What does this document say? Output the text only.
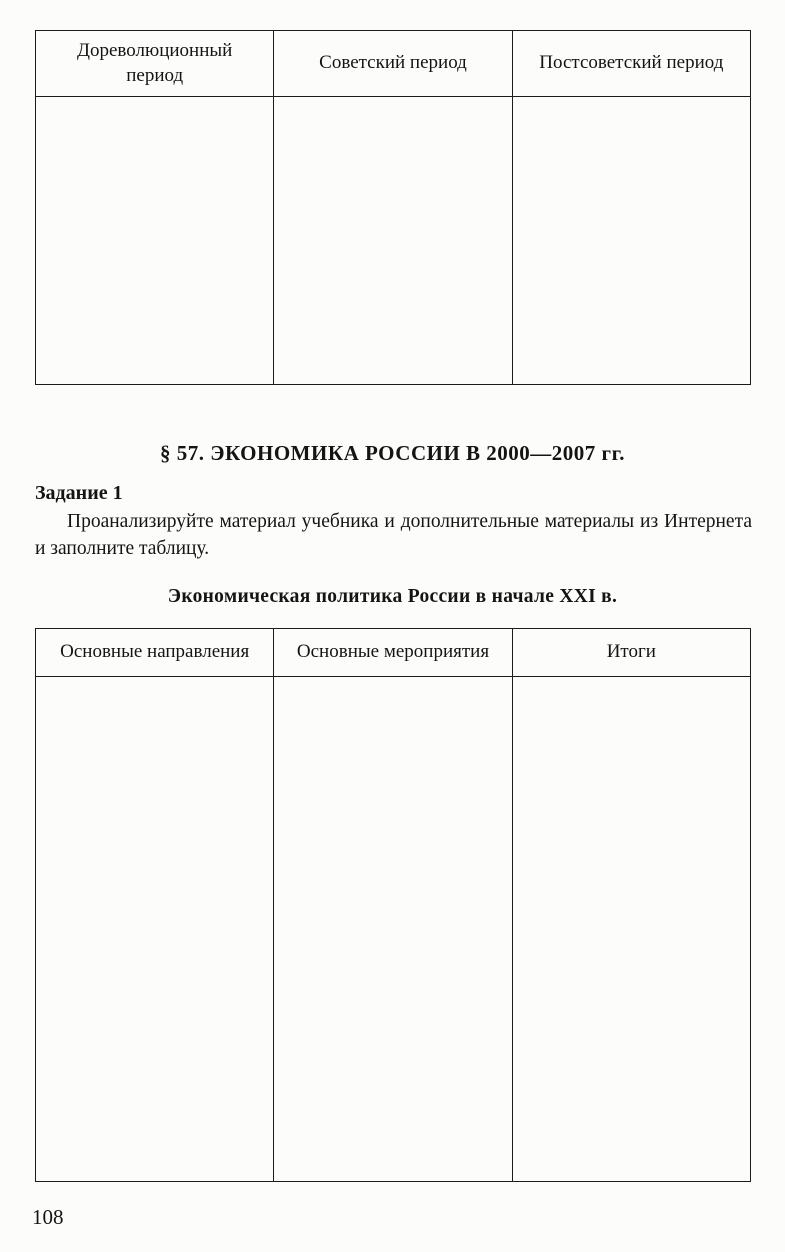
Дореволюционный период	Советский период	Постсоветский период

§ 57. ЭКОНОМИКА РОССИИ В 2000—2007 гг.
Задание 1
Проанализируйте материал учебника и дополнительные материалы из Интернета и заполните таблицу.
Экономическая политика России в начале XXI в.
Основные направления	Основные мероприятия	Итоги

108
